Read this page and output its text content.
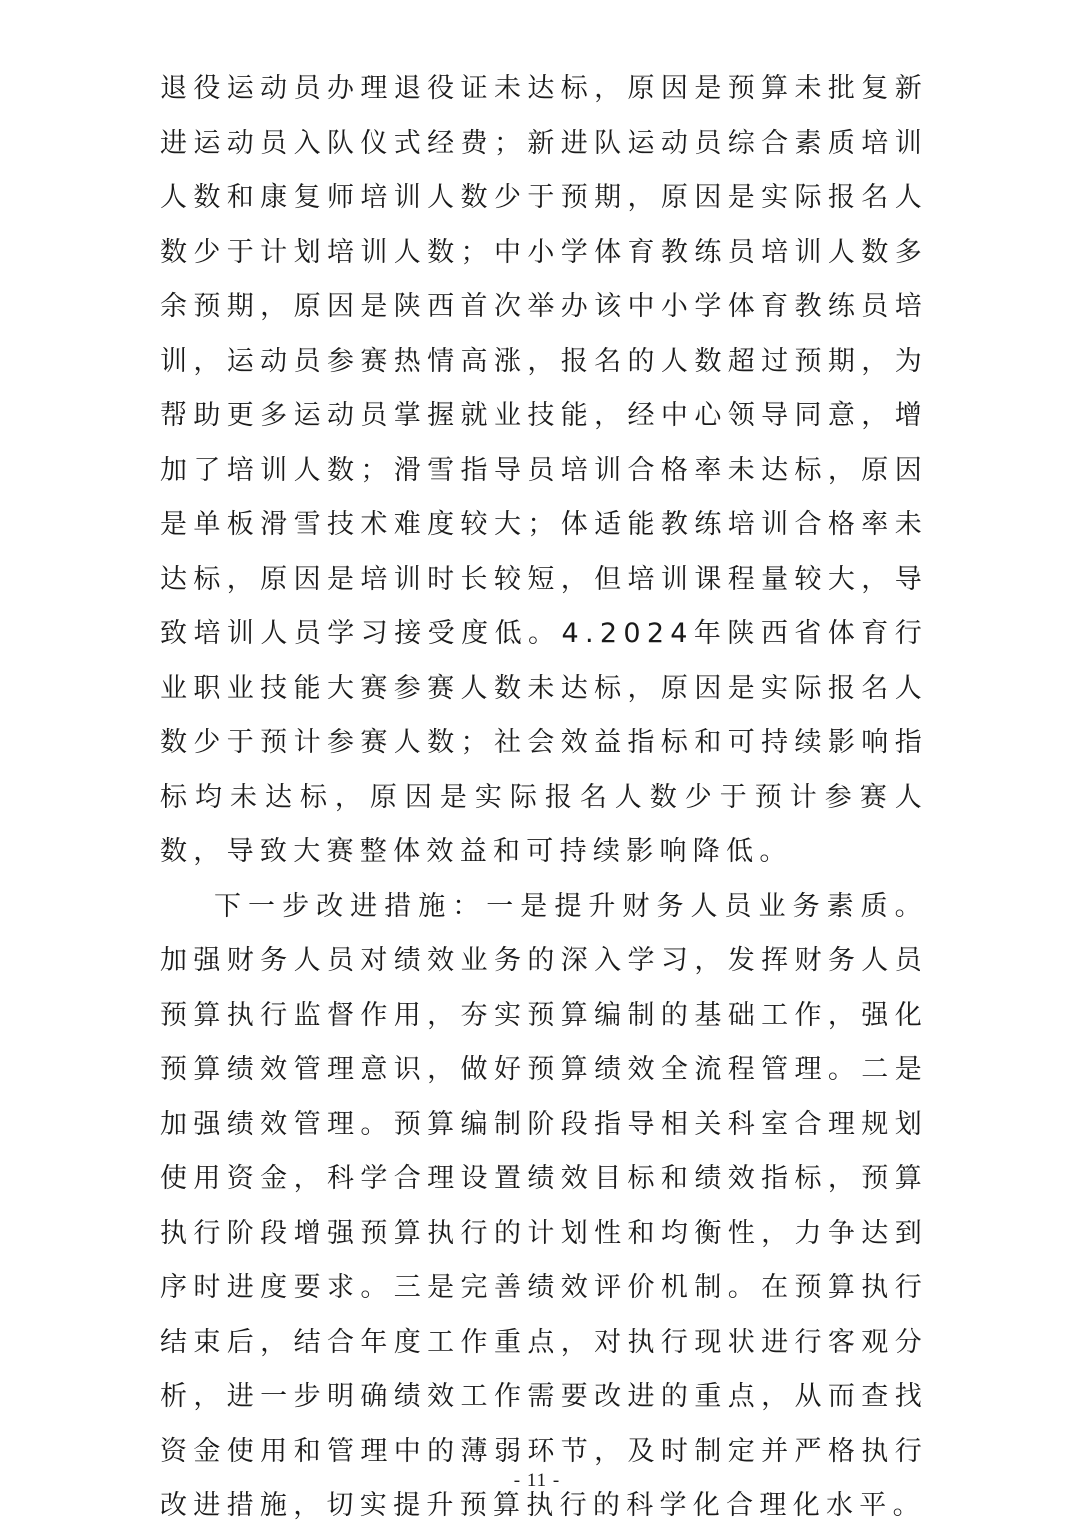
退役运动员办理退役证未达标，原因是预算未批复新进运动员入队仪式经费；新进队运动员综合素质培训人数和康复师培训人数少于预期，原因是实际报名人数少于计划培训人数；中小学体育教练员培训人数多余预期，原因是陕西首次举办该中小学体育教练员培训，运动员参赛热情高涨，报名的人数超过预期，为帮助更多运动员掌握就业技能，经中心领导同意，增加了培训人数；滑雪指导员培训合格率未达标，原因是单板滑雪技术难度较大；体适能教练培训合格率未达标，原因是培训时长较短，但培训课程量较大，导致培训人员学习接受度低。4.2024年陕西省体育行业职业技能大赛参赛人数未达标，原因是实际报名人数少于预计参赛人数；社会效益指标和可持续影响指标均未达标，原因是实际报名人数少于预计参赛人数，导致大赛整体效益和可持续影响降低。

下一步改进措施：一是提升财务人员业务素质。加强财务人员对绩效业务的深入学习，发挥财务人员预算执行监督作用，夯实预算编制的基础工作，强化预算绩效管理意识，做好预算绩效全流程管理。二是加强绩效管理。预算编制阶段指导相关科室合理规划使用资金，科学合理设置绩效目标和绩效指标，预算执行阶段增强预算执行的计划性和均衡性，力争达到序时进度要求。三是完善绩效评价机制。在预算执行结束后，结合年度工作重点，对执行现状进行客观分析，进一步明确绩效工作需要改进的重点，从而查找资金使用和管理中的薄弱环节，及时制定并严格执行改进措施，切实提升预算执行的科学化合理化水平。

- 11 -
